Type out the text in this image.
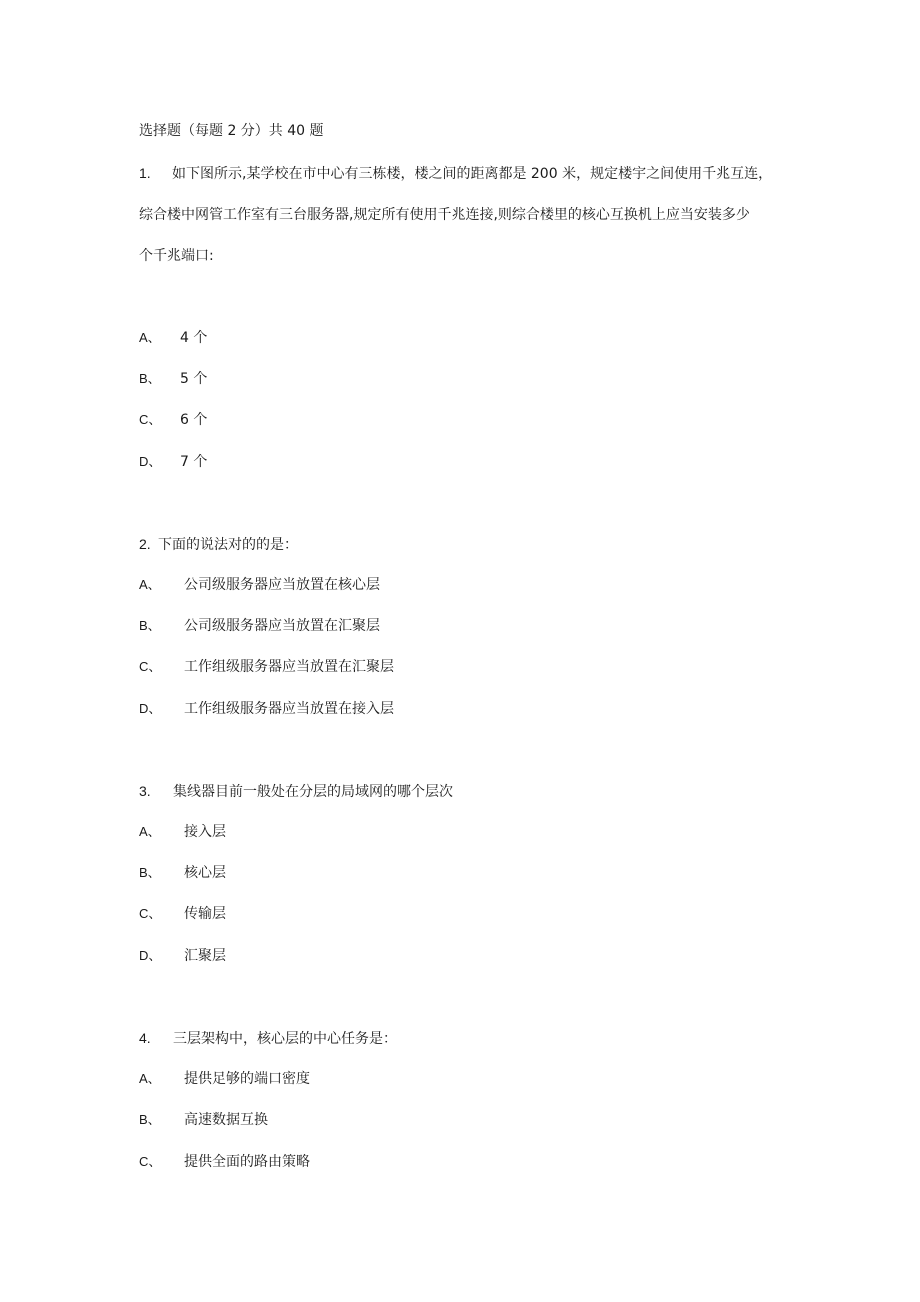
选择题（每题 2 分）共 40 题
1. 如下图所示,某学校在市中心有三栋楼，楼之间的距离都是 200 米，规定楼宇之间使用千兆互连，
综合楼中网管工作室有三台服务器,规定所有使用千兆连接,则综合楼里的核心互换机上应当安装多少
个千兆端口:
A、 4 个
B、 5 个
C、 6 个
D、 7 个
2. 下面的说法对的的是：
A、 公司级服务器应当放置在核心层
B、 公司级服务器应当放置在汇聚层
C、 工作组级服务器应当放置在汇聚层
D、 工作组级服务器应当放置在接入层
3. 集线器目前一般处在分层的局域网的哪个层次
A、 接入层
B、 核心层
C、 传输层
D、 汇聚层
4. 三层架构中，核心层的中心任务是：
A、 提供足够的端口密度
B、 高速数据互换
C、 提供全面的路由策略
